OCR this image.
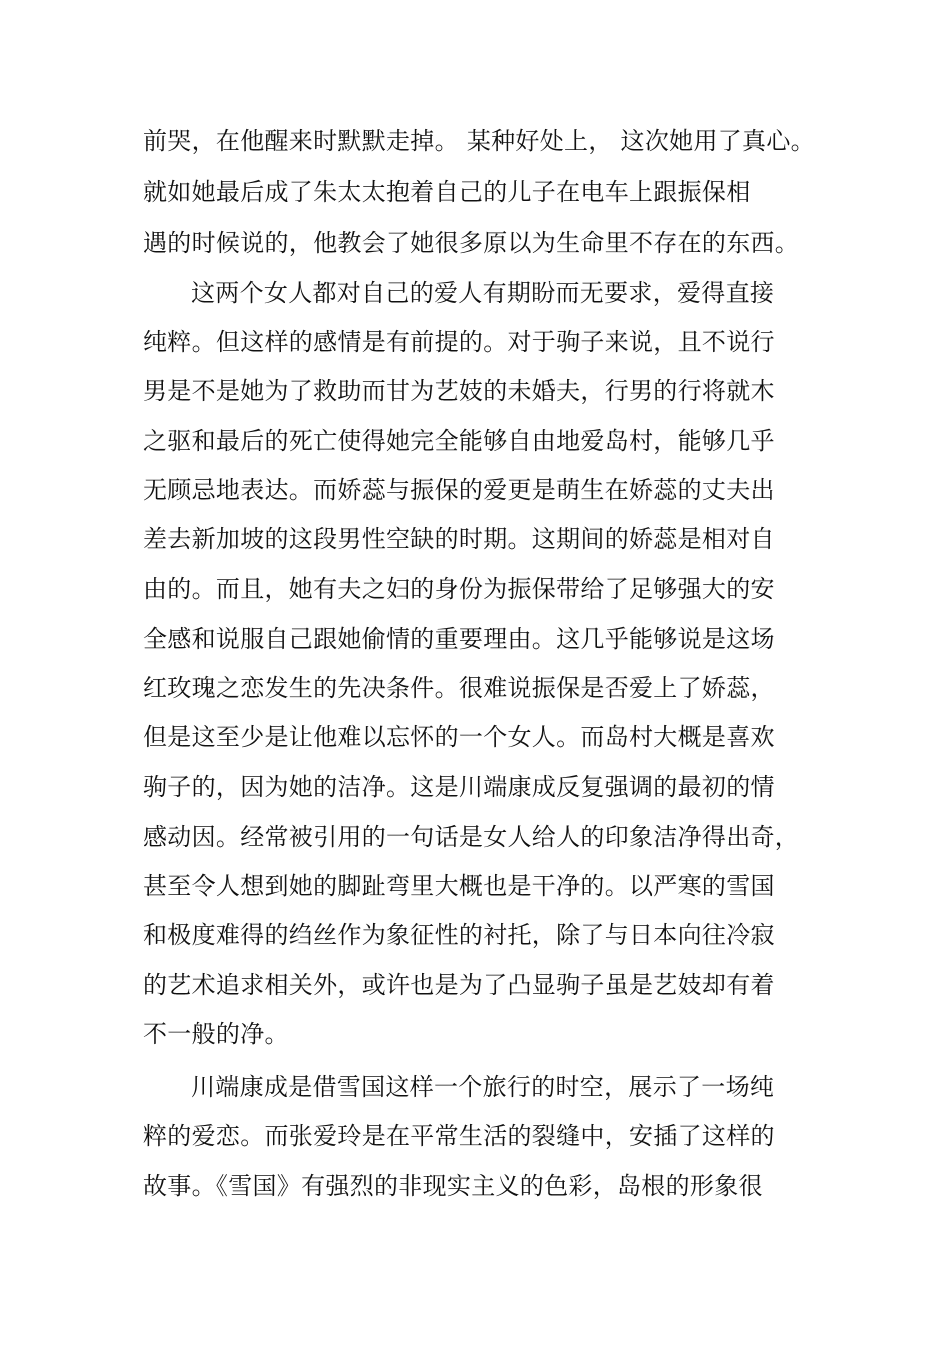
前哭，在他醒来时默默走掉。 某种好处上， 这次她用了真心。
就如她最后成了朱太太抱着自己的儿子在电车上跟振保相
遇的时候说的，他教会了她很多原以为生命里不存在的东西。
这两个女人都对自己的爱人有期盼而无要求，爱得直接
纯粹。但这样的感情是有前提的。对于驹子来说，且不说行
男是不是她为了救助而甘为艺妓的未婚夫，行男的行将就木
之驱和最后的死亡使得她完全能够自由地爱岛村，能够几乎
无顾忌地表达。而娇蕊与振保的爱更是萌生在娇蕊的丈夫出
差去新加坡的这段男性空缺的时期。这期间的娇蕊是相对自
由的。而且，她有夫之妇的身份为振保带给了足够强大的安
全感和说服自己跟她偷情的重要理由。这几乎能够说是这场
红玫瑰之恋发生的先决条件。很难说振保是否爱上了娇蕊，
但是这至少是让他难以忘怀的一个女人。而岛村大概是喜欢
驹子的，因为她的洁净。这是川端康成反复强调的最初的情
感动因。经常被引用的一句话是女人给人的印象洁净得出奇，
甚至令人想到她的脚趾弯里大概也是干净的。以严寒的雪国
和极度难得的绉丝作为象征性的衬托，除了与日本向往冷寂
的艺术追求相关外，或许也是为了凸显驹子虽是艺妓却有着
不一般的净。
川端康成是借雪国这样一个旅行的时空，展示了一场纯
粹的爱恋。而张爱玲是在平常生活的裂缝中，安插了这样的
故事。《雪国》有强烈的非现实主义的色彩，岛根的形象很
